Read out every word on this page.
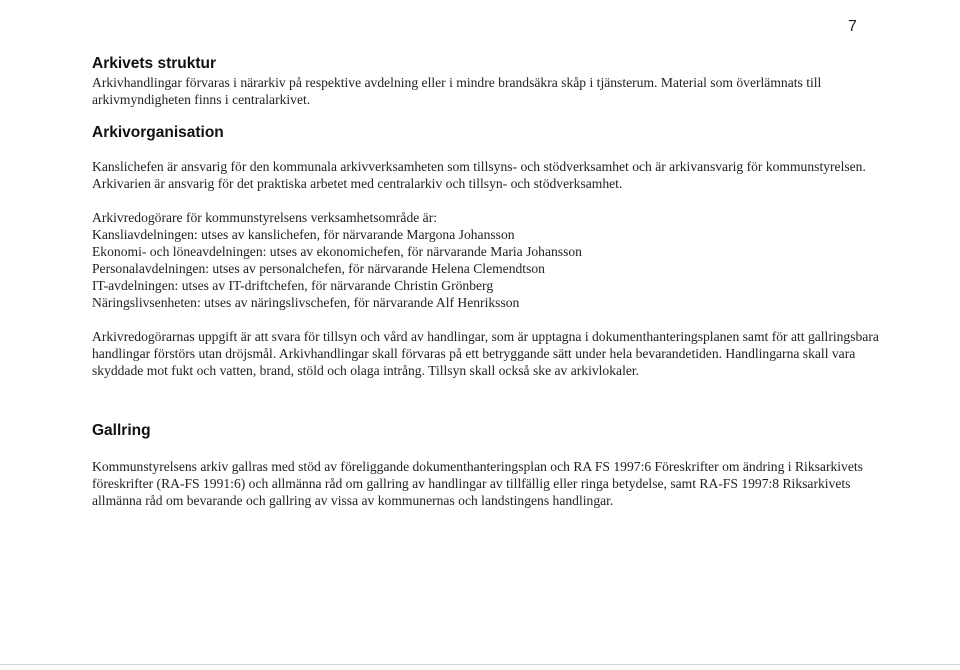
7
Arkivets struktur

Arkivhandlingar förvaras i närarkiv på respektive avdelning eller i mindre brandsäkra skåp i tjänsterum. Material som överlämnats till arkivmyndigheten finns i centralarkivet.

Arkivorganisation

Kanslichefen är ansvarig för den kommunala arkivverksamheten som tillsyns- och stödverksamhet och är arkivansvarig för kommunstyrelsen. Arkivarien är ansvarig för det praktiska arbetet med centralarkiv och tillsyn- och stödverksamhet.

Arkivredogörare för kommunstyrelsens verksamhetsområde är:

Kansliavdelningen: utses av kanslichefen, för närvarande Margona Johansson

Ekonomi- och löneavdelningen: utses av ekonomichefen, för närvarande Maria Johansson

Personalavdelningen: utses av personalchefen, för närvarande Helena Clemendtson

IT-avdelningen: utses av IT-driftchefen, för närvarande Christin Grönberg

Näringslivsenheten: utses av näringslivschefen, för närvarande Alf Henriksson

Arkivredogörarnas uppgift är att svara för tillsyn och vård av handlingar, som är upptagna i dokumenthanteringsplanen samt för att gallringsbara handlingar förstörs utan dröjsmål. Arkivhandlingar skall förvaras på ett betryggande sätt under hela bevarandetiden. Handlingarna skall vara skyddade mot fukt och vatten, brand, stöld och olaga intrång. Tillsyn skall också ske av arkivlokaler.

Gallring

Kommunstyrelsens arkiv gallras med stöd av föreliggande dokumenthanteringsplan och RA FS 1997:6 Föreskrifter om ändring i Riksarkivets föreskrifter (RA-FS 1991:6) och allmänna råd om gallring av handlingar av tillfällig eller ringa betydelse, samt RA-FS 1997:8 Riksarkivets allmänna råd om bevarande och gallring av vissa av kommunernas och landstingens handlingar.
